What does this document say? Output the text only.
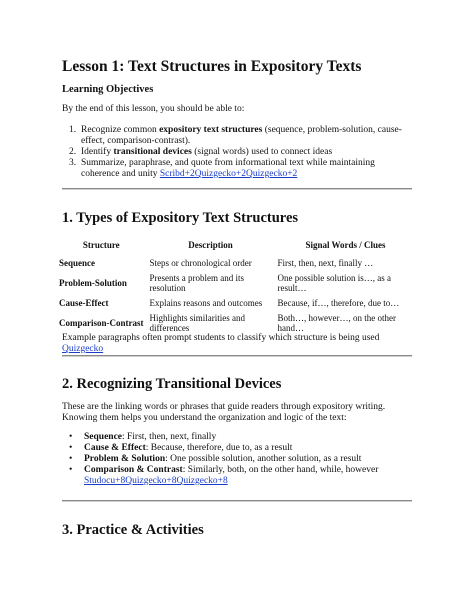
Lesson 1: Text Structures in Expository Texts
Learning Objectives
By the end of this lesson, you should be able to:
1. Recognize common expository text structures (sequence, problem-solution, cause-effect, comparison-contrast).
2. Identify transitional devices (signal words) used to connect ideas
3. Summarize, paraphrase, and quote from informational text while maintaining coherence and unity Scribd+2Quizgecko+2Quizgecko+2
1. Types of Expository Text Structures
Structure	Description	Signal Words / Clues
Sequence	Steps or chronological order	First, then, next, finally …
Problem-Solution	Presents a problem and its resolution	One possible solution is…, as a result…
Cause-Effect	Explains reasons and outcomes	Because, if…, therefore, due to…
Comparison-Contrast	Highlights similarities and differences	Both…, however…, on the other hand…
Example paragraphs often prompt students to classify which structure is being used Quizgecko
2. Recognizing Transitional Devices
These are the linking words or phrases that guide readers through expository writing. Knowing them helps you understand the organization and logic of the text:
• Sequence: First, then, next, finally
• Cause & Effect: Because, therefore, due to, as a result
• Problem & Solution: One possible solution, another solution, as a result
• Comparison & Contrast: Similarly, both, on the other hand, while, however Studocu+8Quizgecko+8Quizgecko+8
3. Practice & Activities
